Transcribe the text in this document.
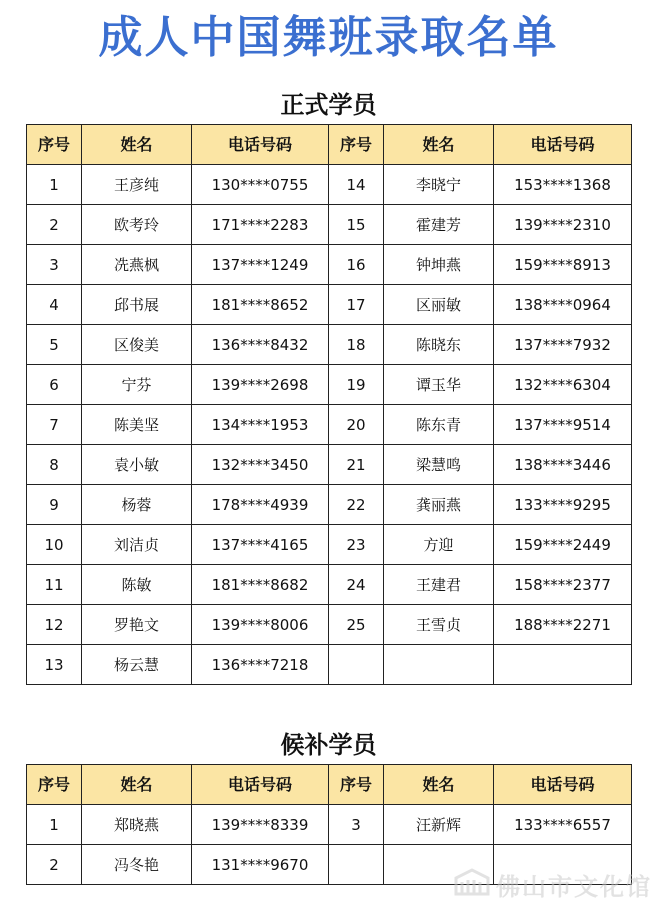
成人中国舞班录取名单
正式学员
序号	姓名	电话号码	序号	姓名	电话号码
1	王彦纯	130****0755	14	李晓宁	153****1368
2	欧考玲	171****2283	15	霍建芳	139****2310
3	冼燕枫	137****1249	16	钟坤燕	159****8913
4	邱书展	181****8652	17	区丽敏	138****0964
5	区俊美	136****8432	18	陈晓东	137****7932
6	宁芬	139****2698	19	谭玉华	132****6304
7	陈美坚	134****1953	20	陈东青	137****9514
8	袁小敏	132****3450	21	梁慧鸣	138****3446
9	杨蓉	178****4939	22	龚丽燕	133****9295
10	刘洁贞	137****4165	23	方迎	159****2449
11	陈敏	181****8682	24	王建君	158****2377
12	罗艳文	139****8006	25	王雪贞	188****2271
13	杨云慧	136****7218			
候补学员
序号	姓名	电话号码	序号	姓名	电话号码
1	郑晓燕	139****8339	3	汪新辉	133****6557
2	冯冬艳	131****9670			
佛山市文化馆
